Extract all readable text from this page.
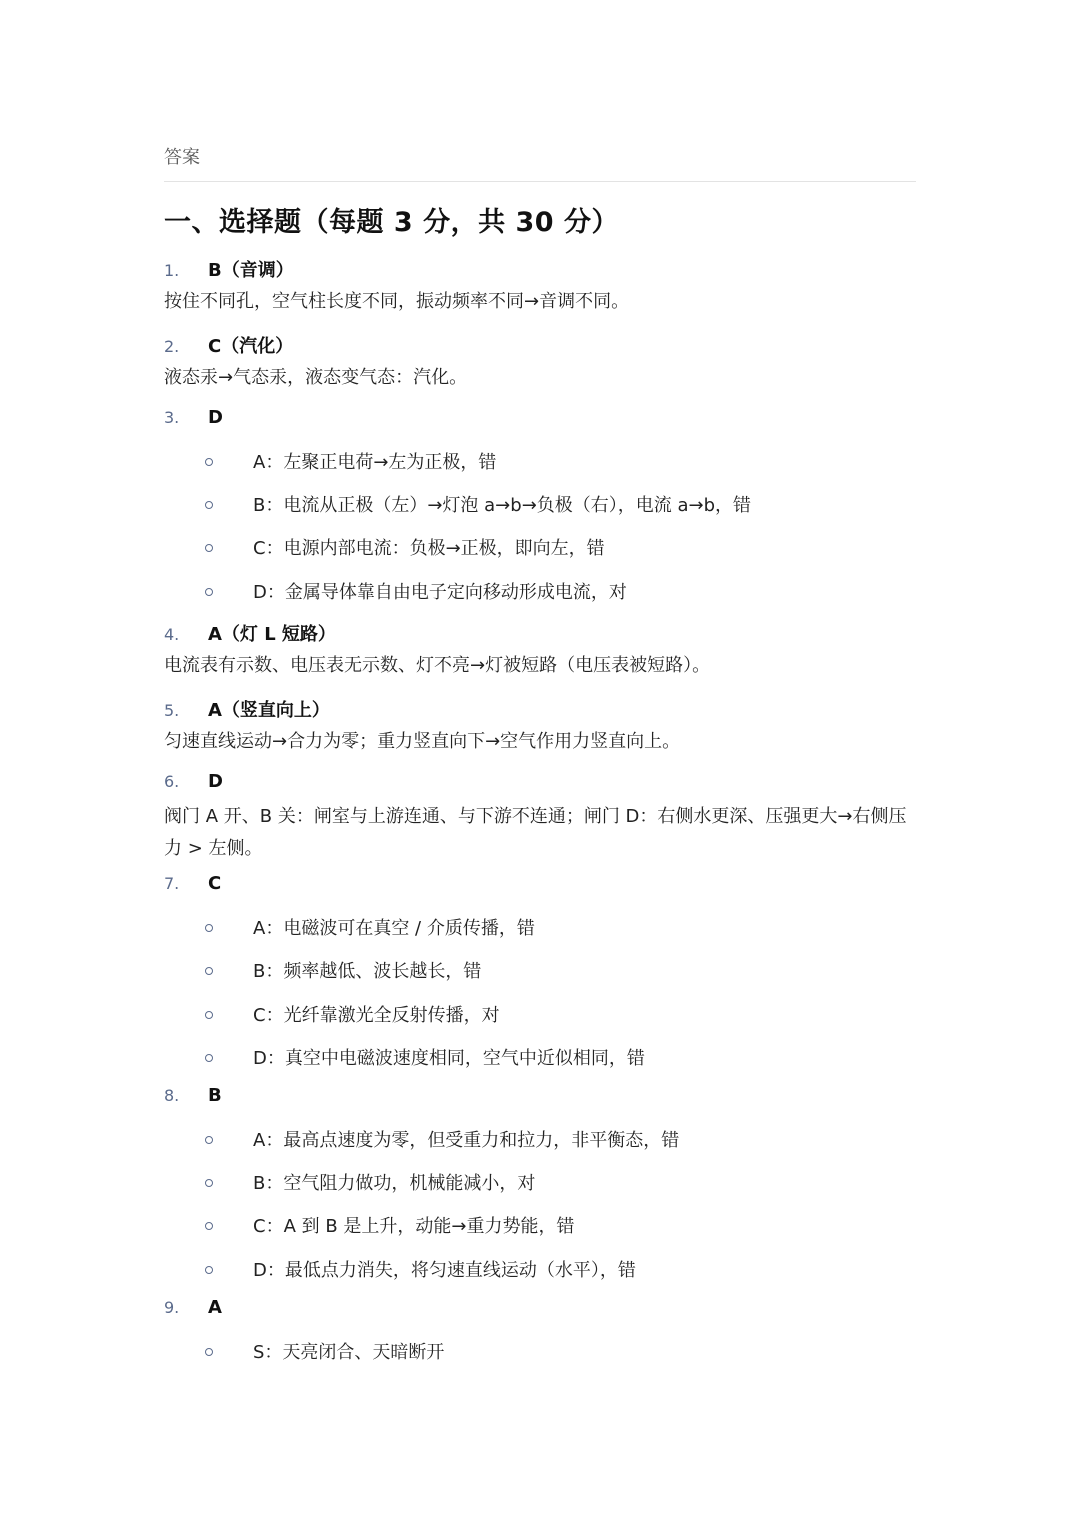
答案
一、选择题（每题 3 分，共 30 分）
1.	B（音调）
按住不同孔，空气柱长度不同，振动频率不同→音调不同。
2.	C（汽化）
液态汞→气态汞，液态变气态：汽化。
3.	D
A：左聚正电荷→左为正极，错
B：电流从正极（左）→灯泡 a→b→负极（右），电流 a→b，错
C：电源内部电流：负极→正极，即向左，错
D：金属导体靠自由电子定向移动形成电流，对
4.	A（灯 L 短路）
电流表有示数、电压表无示数、灯不亮→灯被短路（电压表被短路）。
5.	A（竖直向上）
匀速直线运动→合力为零；重力竖直向下→空气作用力竖直向上。
6.	D
阀门 A 开、B 关：闸室与上游连通、与下游不连通；闸门 D：右侧水更深、压强更大→右侧压力 > 左侧。
7.	C
A：电磁波可在真空 / 介质传播，错
B：频率越低、波长越长，错
C：光纤靠激光全反射传播，对
D：真空中电磁波速度相同，空气中近似相同，错
8.	B
A：最高点速度为零，但受重力和拉力，非平衡态，错
B：空气阻力做功，机械能减小，对
C：A 到 B 是上升，动能→重力势能，错
D：最低点力消失，将匀速直线运动（水平），错
9.	A
S：天亮闭合、天暗断开
